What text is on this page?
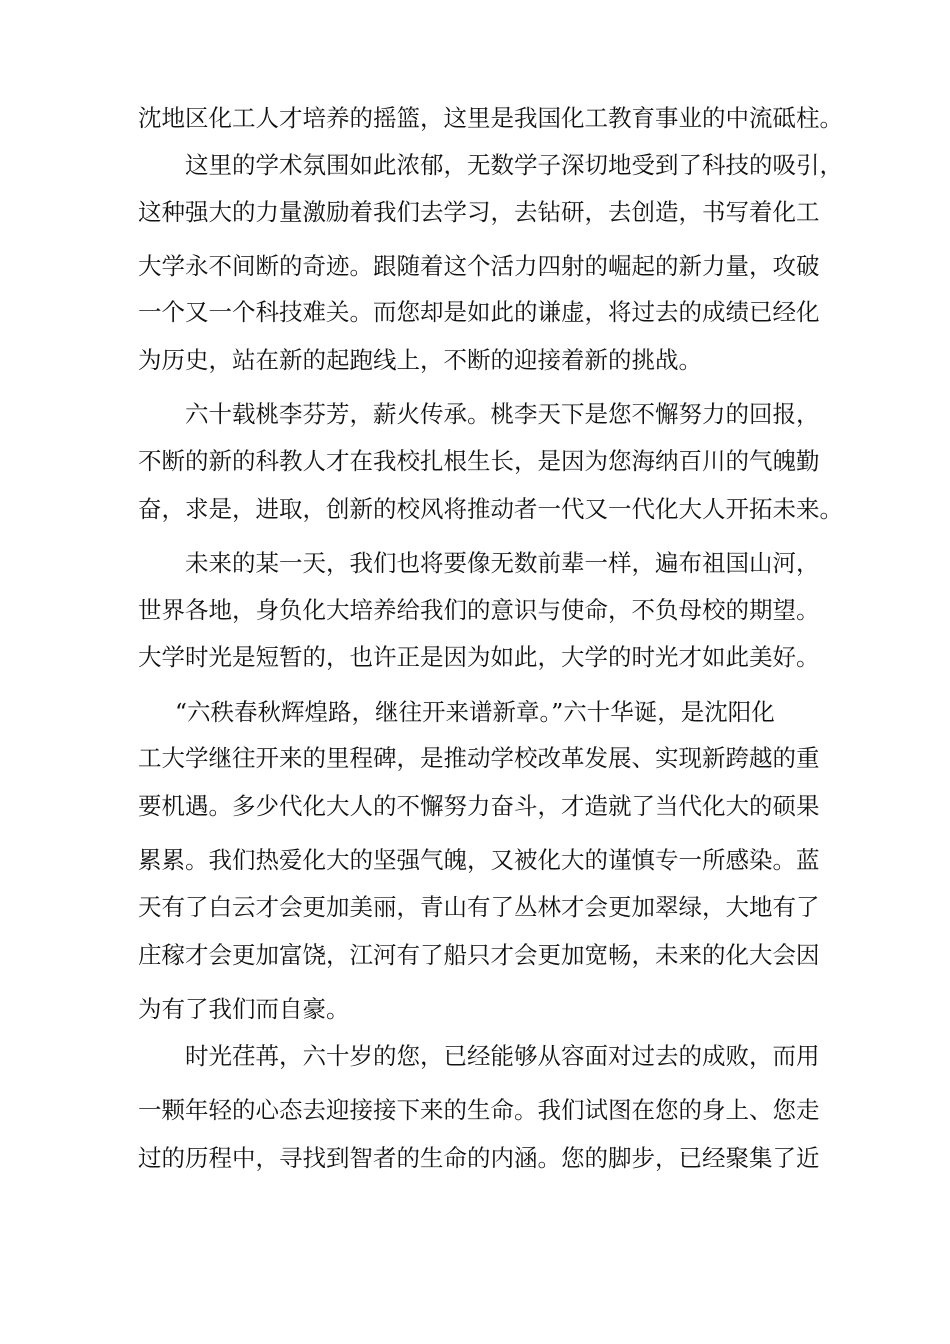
沈地区化工人才培养的摇篮，这里是我国化工教育事业的中流砥柱。
这里的学术氛围如此浓郁，无数学子深切地受到了科技的吸引，
这种强大的力量激励着我们去学习，去钻研，去创造，书写着化工
大学永不间断的奇迹。跟随着这个活力四射的崛起的新力量，攻破
一个又一个科技难关。而您却是如此的谦虚，将过去的成绩已经化
为历史，站在新的起跑线上，不断的迎接着新的挑战。
六十载桃李芬芳，薪火传承。桃李天下是您不懈努力的回报，
不断的新的科教人才在我校扎根生长，是因为您海纳百川的气魄勤
奋，求是，进取，创新的校风将推动者一代又一代化大人开拓未来。
未来的某一天，我们也将要像无数前辈一样，遍布祖国山河，
世界各地，身负化大培养给我们的意识与使命，不负母校的期望。
大学时光是短暂的，也许正是因为如此，大学的时光才如此美好。
“六秩春秋辉煌路，继往开来谱新章。”六十华诞，是沈阳化
工大学继往开来的里程碑，是推动学校改革发展、实现新跨越的重
要机遇。多少代化大人的不懈努力奋斗，才造就了当代化大的硕果
累累。我们热爱化大的坚强气魄，又被化大的谨慎专一所感染。蓝
天有了白云才会更加美丽，青山有了丛林才会更加翠绿，大地有了
庄稼才会更加富饶，江河有了船只才会更加宽畅，未来的化大会因
为有了我们而自豪。
时光荏苒，六十岁的您，已经能够从容面对过去的成败，而用
一颗年轻的心态去迎接接下来的生命。我们试图在您的身上、您走
过的历程中，寻找到智者的生命的内涵。您的脚步，已经聚集了近
